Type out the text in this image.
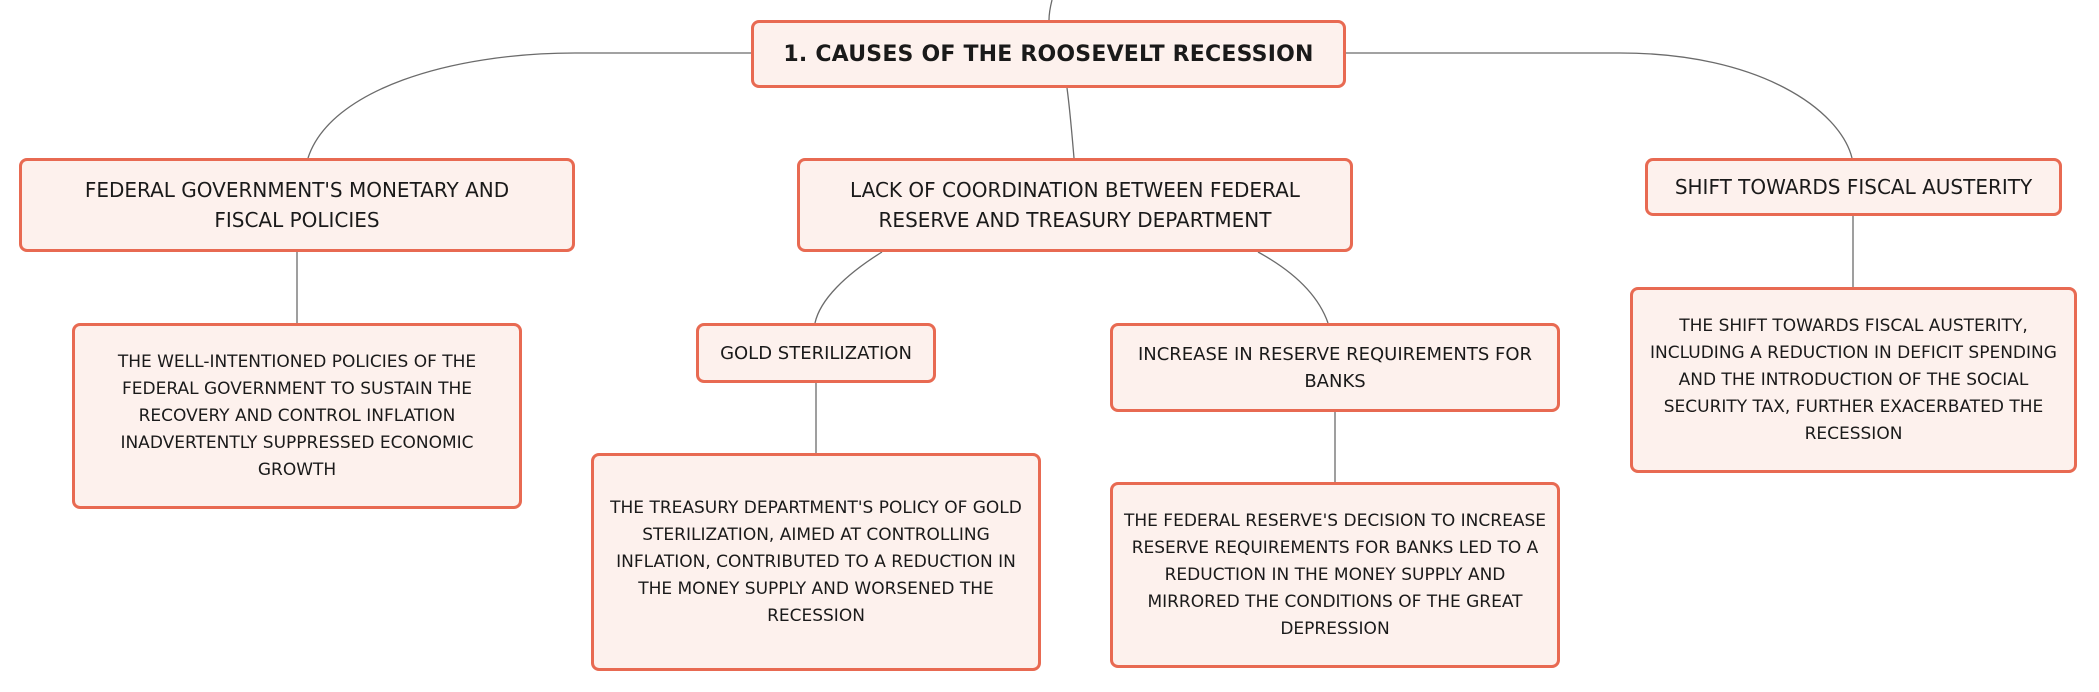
1. CAUSES OF THE ROOSEVELT RECESSION
FEDERAL GOVERNMENT'S MONETARY AND FISCAL POLICIES
THE WELL-INTENTIONED POLICIES OF THE FEDERAL GOVERNMENT TO SUSTAIN THE RECOVERY AND CONTROL INFLATION INADVERTENTLY SUPPRESSED ECONOMIC GROWTH
LACK OF COORDINATION BETWEEN FEDERAL RESERVE AND TREASURY DEPARTMENT
GOLD STERILIZATION
THE TREASURY DEPARTMENT'S POLICY OF GOLD STERILIZATION, AIMED AT CONTROLLING INFLATION, CONTRIBUTED TO A REDUCTION IN THE MONEY SUPPLY AND WORSENED THE RECESSION
INCREASE IN RESERVE REQUIREMENTS FOR BANKS
THE FEDERAL RESERVE'S DECISION TO INCREASE RESERVE REQUIREMENTS FOR BANKS LED TO A REDUCTION IN THE MONEY SUPPLY AND MIRRORED THE CONDITIONS OF THE GREAT DEPRESSION
SHIFT TOWARDS FISCAL AUSTERITY
THE SHIFT TOWARDS FISCAL AUSTERITY, INCLUDING A REDUCTION IN DEFICIT SPENDING AND THE INTRODUCTION OF THE SOCIAL SECURITY TAX, FURTHER EXACERBATED THE RECESSION
